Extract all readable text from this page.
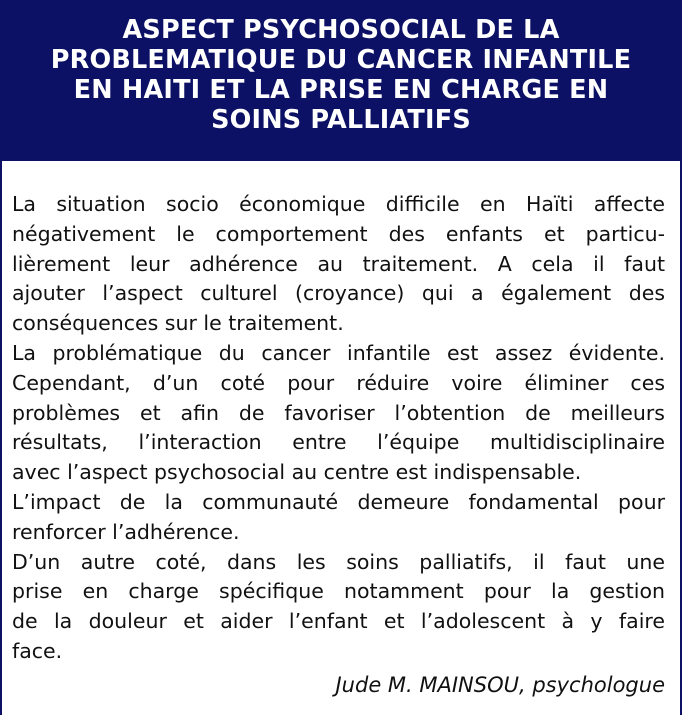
ASPECT PSYCHOSOCIAL DE LA
PROBLEMATIQUE DU CANCER INFANTILE
EN HAITI ET LA PRISE EN CHARGE EN
SOINS PALLIATIFS

La situation socio économique difficile en Haïti affecte
négativement le comportement des enfants et particu-
lièrement leur adhérence au traitement. A cela il faut
ajouter l’aspect culturel (croyance) qui a également des
conséquences sur le traitement.

La problématique du cancer infantile est assez évidente.

Cependant, d’un coté pour réduire voire éliminer ces
problèmes et afin de favoriser l’obtention de meilleurs
résultats, l’interaction entre l’équipe multidisciplinaire
avec l’aspect psychosocial au centre est indispensable.

L’impact de la communauté demeure fondamental pour
renforcer l’adhérence.

D’un autre coté, dans les soins palliatifs, il faut une
prise en charge spécifique notamment pour la gestion
de la douleur et aider l’enfant et l’adolescent à y faire
face.

Jude M. MAINSOU, psychologue
